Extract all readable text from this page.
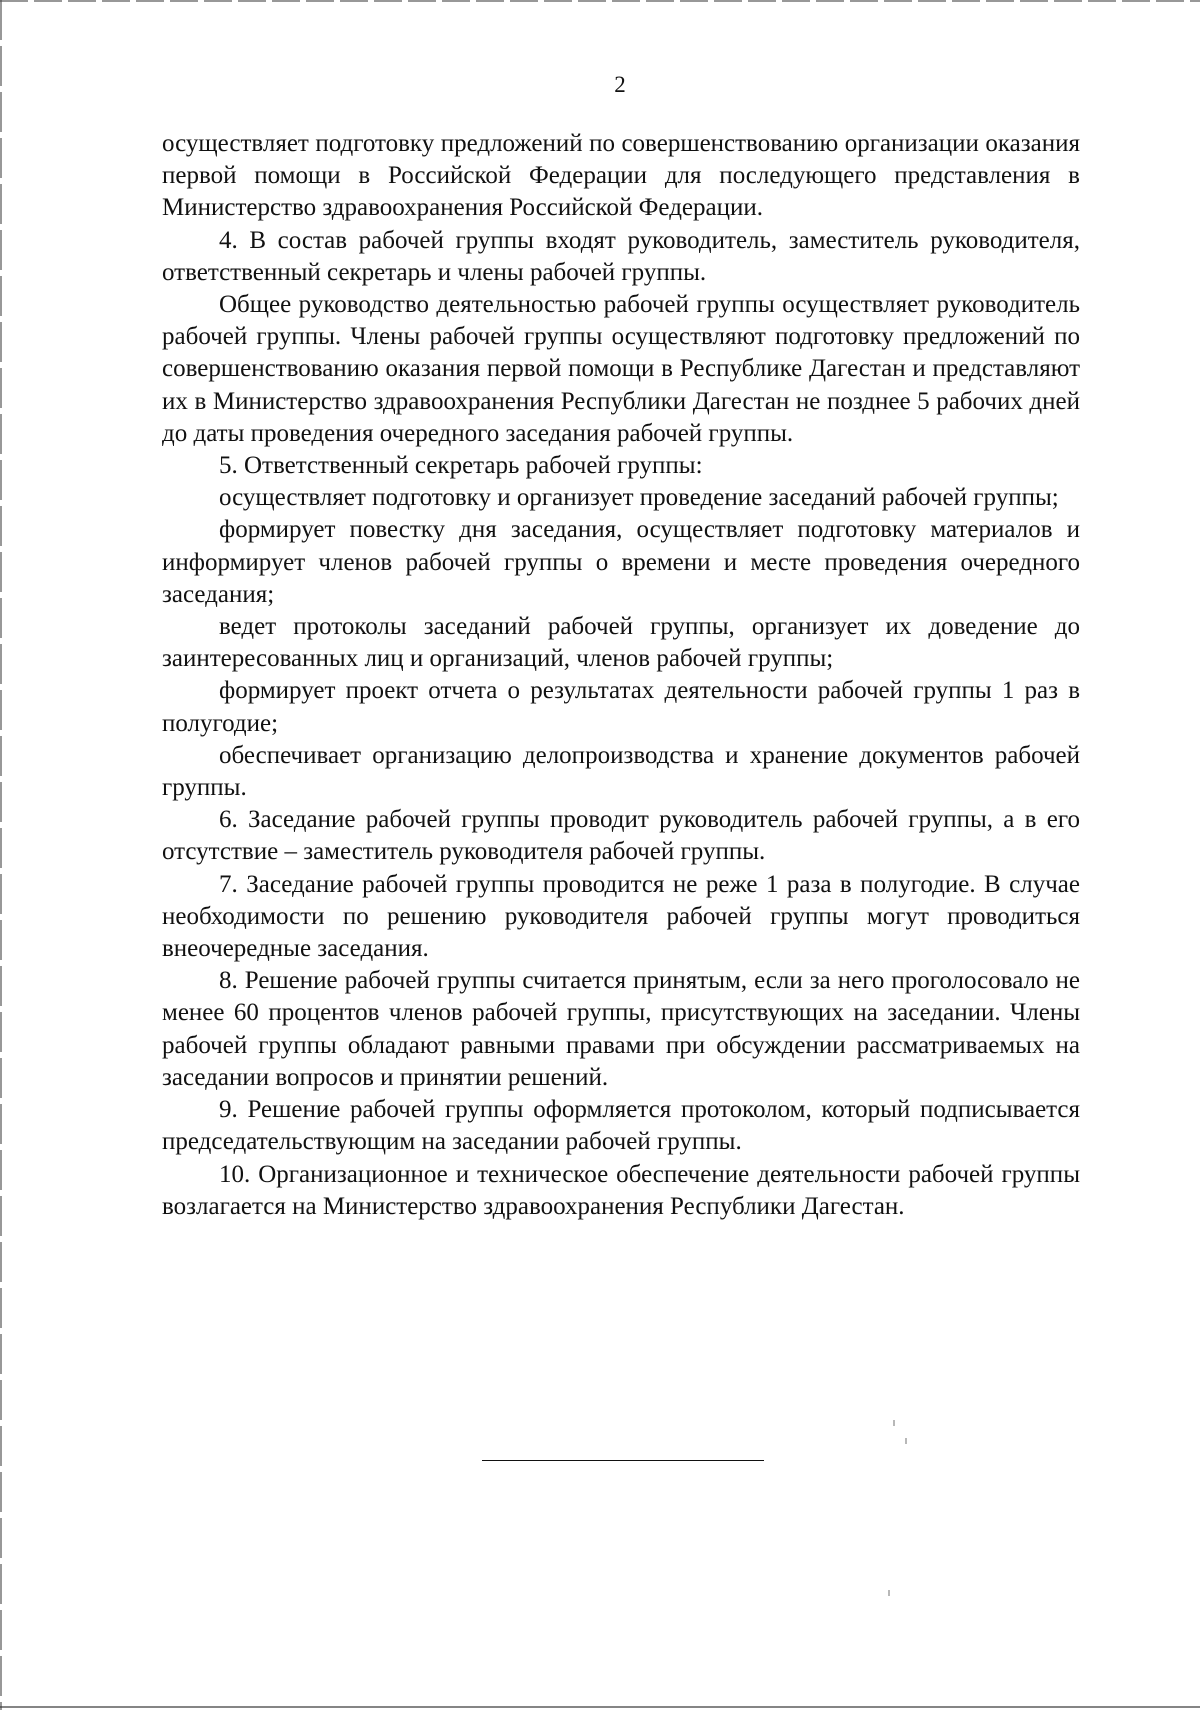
2

осуществляет подготовку предложений по совершенствованию организации оказания первой помощи в Российской Федерации для последующего представления в Министерство здравоохранения Российской Федерации.

4. В состав рабочей группы входят руководитель, заместитель руководителя, ответственный секретарь и члены рабочей группы.

Общее руководство деятельностью рабочей группы осуществляет руководитель рабочей группы. Члены рабочей группы осуществляют подготовку предложений по совершенствованию оказания первой помощи в Республике Дагестан и представляют их в Министерство здравоохранения Республики Дагестан не позднее 5 рабочих дней до даты проведения очередного заседания рабочей группы.

5. Ответственный секретарь рабочей группы:

осуществляет подготовку и организует проведение заседаний рабочей группы;

формирует повестку дня заседания, осуществляет подготовку материалов и информирует членов рабочей группы о времени и месте проведения очередного заседания;

ведет протоколы заседаний рабочей группы, организует их доведение до заинтересованных лиц и организаций, членов рабочей группы;

формирует проект отчета о результатах деятельности рабочей группы 1 раз в полугодие;

обеспечивает организацию делопроизводства и хранение документов рабочей группы.

6. Заседание рабочей группы проводит руководитель рабочей группы, а в его отсутствие – заместитель руководителя рабочей группы.

7. Заседание рабочей группы проводится не реже 1 раза в полугодие. В случае необходимости по решению руководителя рабочей группы могут проводиться внеочередные заседания.

8. Решение рабочей группы считается принятым, если за него проголосовало не менее 60 процентов членов рабочей группы, присутствующих на заседании. Члены рабочей группы обладают равными правами при обсуждении рассматриваемых на заседании вопросов и принятии решений.

9. Решение рабочей группы оформляется протоколом, который подписывается председательствующим на заседании рабочей группы.

10. Организационное и техническое обеспечение деятельности рабочей группы возлагается на Министерство здравоохранения Республики Дагестан.
